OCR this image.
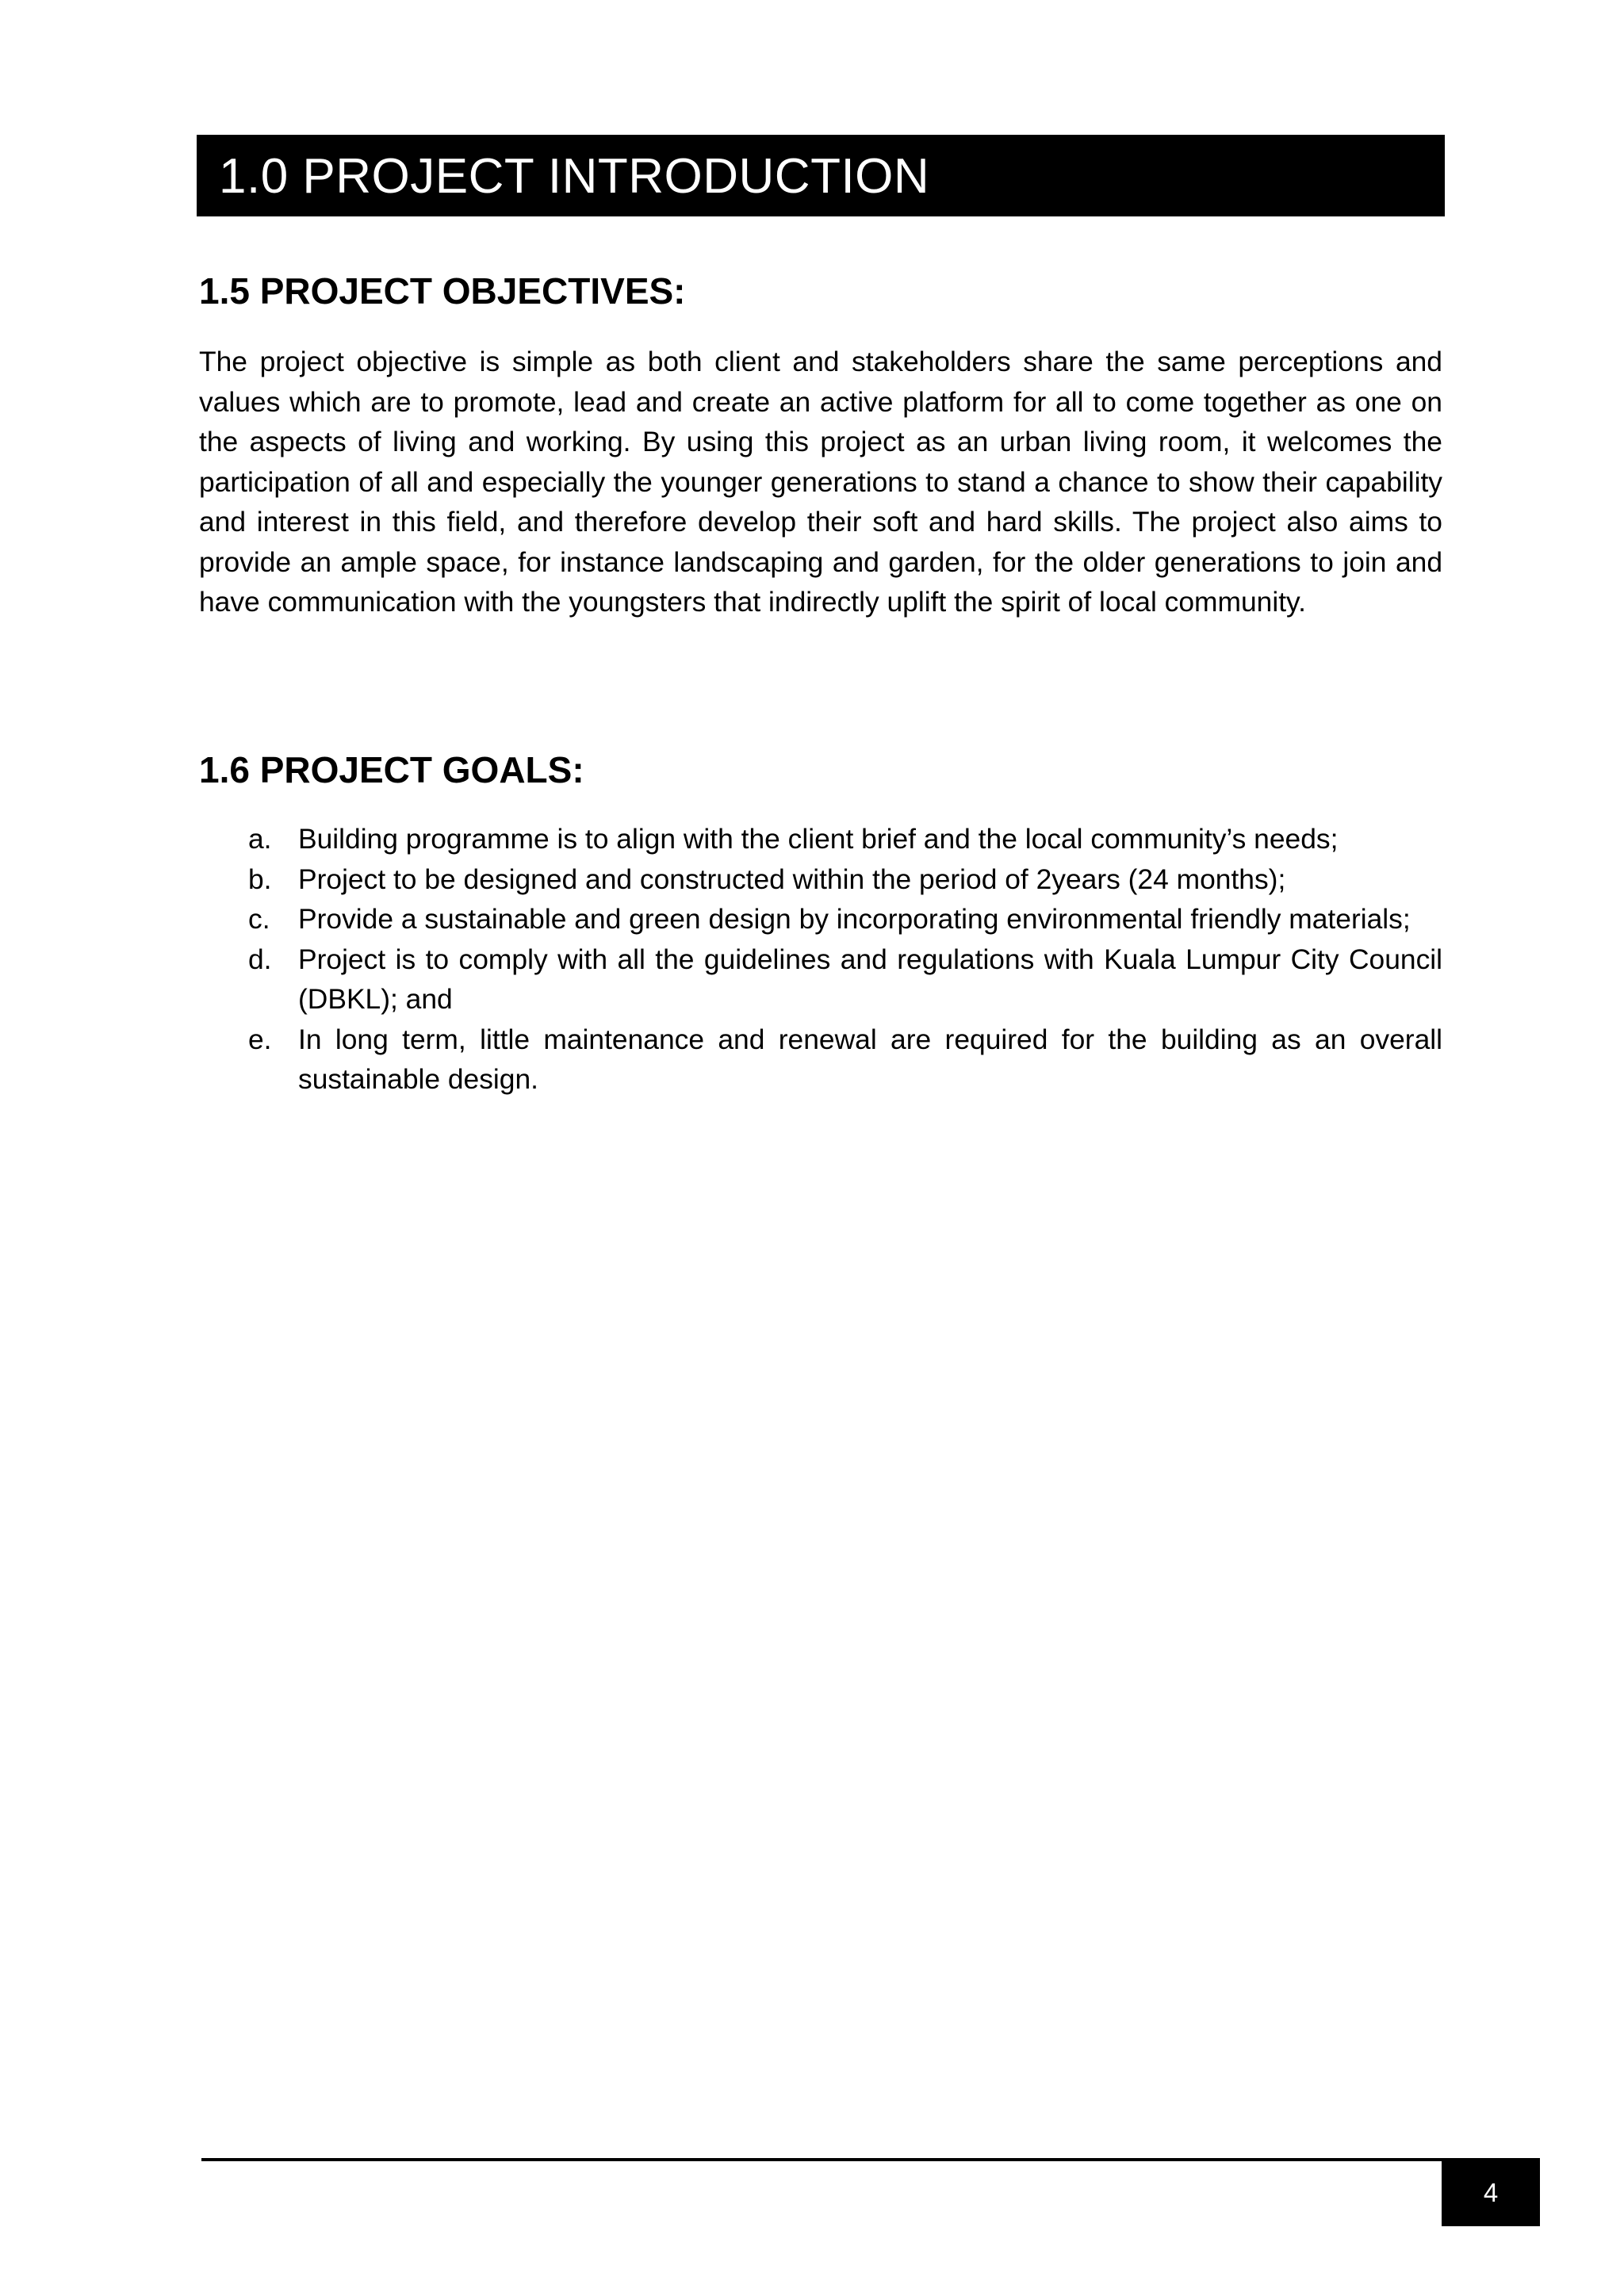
1.0 PROJECT INTRODUCTION
1.5 PROJECT OBJECTIVES:

The project objective is simple as both client and stakeholders share the same perceptions and values which are to promote, lead and create an active platform for all to come together as one on the aspects of living and working. By using this project as an urban living room, it welcomes the participation of all and especially the younger generations to stand a chance to show their capability and interest in this field, and therefore develop their soft and hard skills. The project also aims to provide an ample space, for instance landscaping and garden, for the older generations to join and have communication with the youngsters that indirectly uplift the spirit of local community.

1.6 PROJECT GOALS:
a. Building programme is to align with the client brief and the local community’s needs;
b. Project to be designed and constructed within the period of 2years (24 months);
c.	Provide a sustainable and green design by incorporating environmental friendly materials;
d. Project is to comply with all the guidelines and regulations with Kuala Lumpur City Council (DBKL); and
e. In long term, little maintenance and renewal are required for the building as an overall sustainable design.
4
